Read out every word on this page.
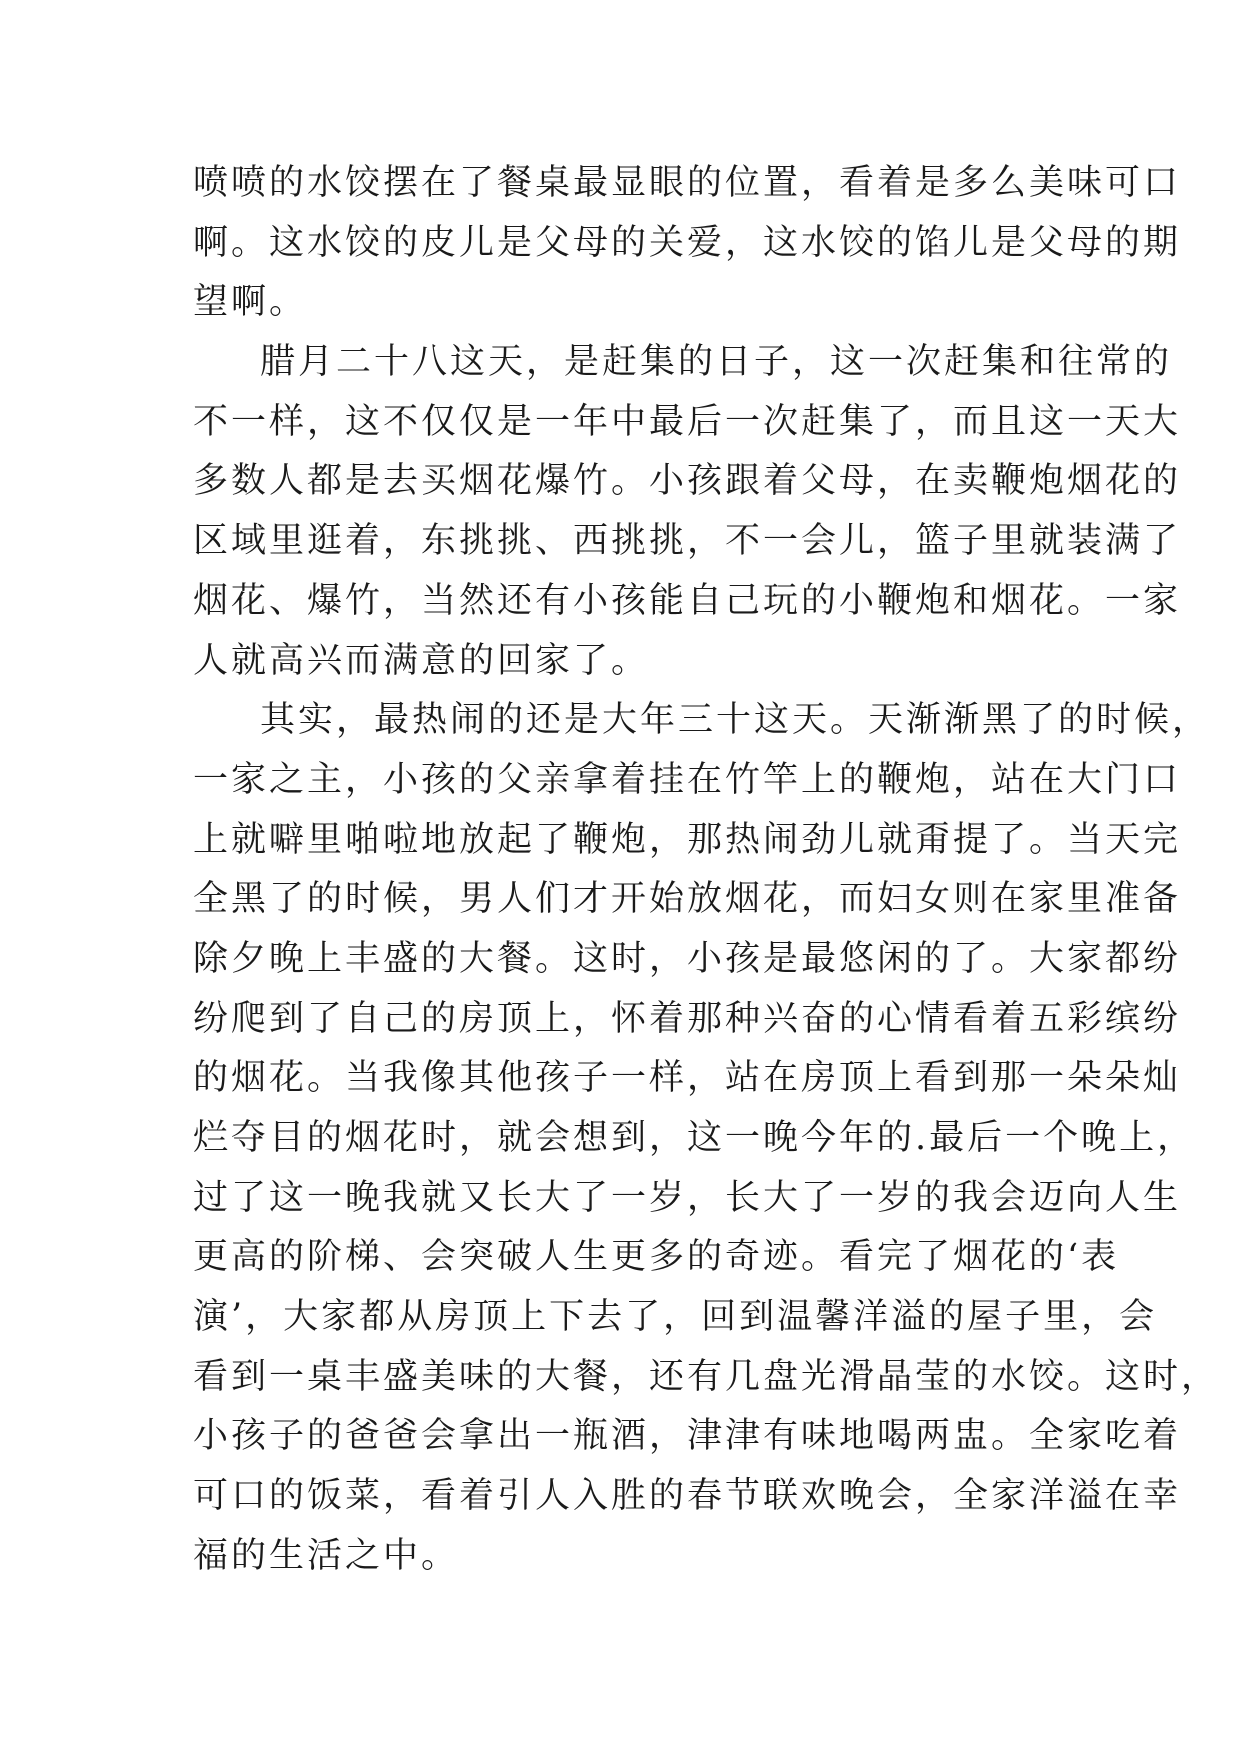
喷喷的水饺摆在了餐桌最显眼的位置，看着是多么美味可口
啊。这水饺的皮儿是父母的关爱，这水饺的馅儿是父母的期
望啊。
腊月二十八这天，是赶集的日子，这一次赶集和往常的
不一样，这不仅仅是一年中最后一次赶集了，而且这一天大
多数人都是去买烟花爆竹。小孩跟着父母，在卖鞭炮烟花的
区域里逛着，东挑挑、西挑挑，不一会儿，篮子里就装满了
烟花、爆竹，当然还有小孩能自己玩的小鞭炮和烟花。一家
人就高兴而满意的回家了。
其实，最热闹的还是大年三十这天。天渐渐黑了的时候，
一家之主，小孩的父亲拿着挂在竹竿上的鞭炮，站在大门口
上就噼里啪啦地放起了鞭炮，那热闹劲儿就甭提了。当天完
全黑了的时候，男人们才开始放烟花，而妇女则在家里准备
除夕晚上丰盛的大餐。这时，小孩是最悠闲的了。大家都纷
纷爬到了自己的房顶上，怀着那种兴奋的心情看着五彩缤纷
的烟花。当我像其他孩子一样，站在房顶上看到那一朵朵灿
烂夺目的烟花时，就会想到，这一晚今年的.最后一个晚上，
过了这一晚我就又长大了一岁，长大了一岁的我会迈向人生
更高的阶梯、会突破人生更多的奇迹。看完了烟花的‘表
演’，大家都从房顶上下去了，回到温馨洋溢的屋子里，会
看到一桌丰盛美味的大餐，还有几盘光滑晶莹的水饺。这时，
小孩子的爸爸会拿出一瓶酒，津津有味地喝两盅。全家吃着
可口的饭菜，看着引人入胜的春节联欢晚会，全家洋溢在幸
福的生活之中。
